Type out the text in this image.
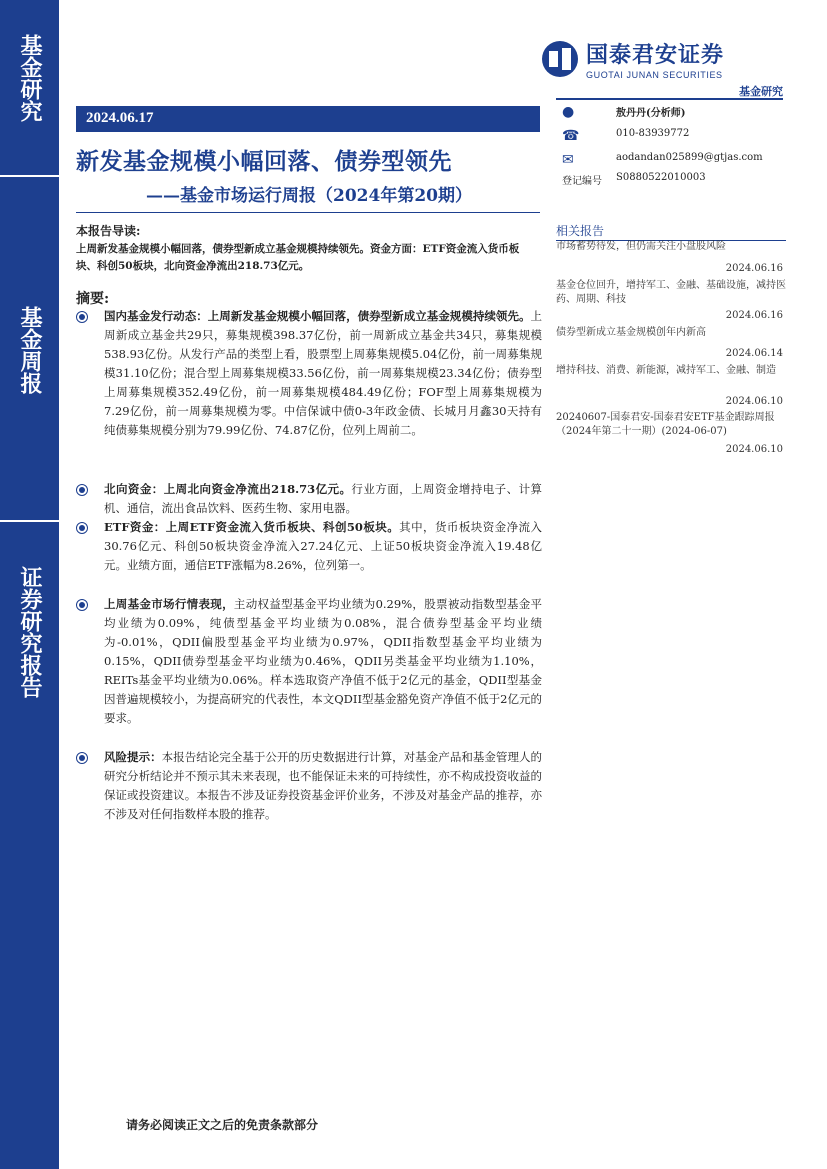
基金研究
基金周报
证券研究报告
国泰君安证券
GUOTAI JUNAN SECURITIES
基金研究
2024.06.17
新发基金规模小幅回落、债券型领先
——基金市场运行周报（2024年第20期）
●	敖丹丹(分析师)
☎	010-83939772
✉	aodandan025899@gtjas.com
登记编号 S0880522010003
相关报告
市场蓄势待发，但仍需关注小盘股风险
2024.06.16
基金仓位回升，增持军工、金融、基础设施，减持医药、周期、科技
2024.06.16
债券型新成立基金规模创年内新高
2024.06.14
增持科技、消费、新能源，减持军工、金融、制造
2024.06.10
20240607-国泰君安-国泰君安ETF基金跟踪周报（2024年第二十一期）(2024-06-07)
2024.06.10
本报告导读:
上周新发基金规模小幅回落，债券型新成立基金规模持续领先。资金方面：ETF资金流入货币板块、科创50板块，北向资金净流出218.73亿元。
摘要:
国内基金发行动态：上周新发基金规模小幅回落，债券型新成立基金规模持续领先。上周新成立基金共29只，募集规模398.37亿份，前一周新成立基金共34只，募集规模538.93亿份。从发行产品的类型上看，股票型上周募集规模5.04亿份，前一周募集规模31.10亿份；混合型上周募集规模33.56亿份，前一周募集规模23.34亿份；债券型上周募集规模352.49亿份，前一周募集规模484.49亿份；FOF型上周募集规模为7.29亿份，前一周募集规模为零。中信保诚中债0-3年政金债、长城月月鑫30天持有纯债募集规模分别为79.99亿份、74.87亿份，位列上周前二。
北向资金：上周北向资金净流出218.73亿元。行业方面，上周资金增持电子、计算机、通信，流出食品饮料、医药生物、家用电器。
ETF资金：上周ETF资金流入货币板块、科创50板块。其中，货币板块资金净流入30.76亿元、科创50板块资金净流入27.24亿元、上证50板块资金净流入19.48亿元。业绩方面，通信ETF涨幅为8.26%，位列第一。
上周基金市场行情表现，主动权益型基金平均业绩为0.29%，股票被动指数型基金平均业绩为0.09%，纯债型基金平均业绩为0.08%，混合债券型基金平均业绩为-0.01%，QDII偏股型基金平均业绩为0.97%，QDII指数型基金平均业绩为0.15%，QDII债券型基金平均业绩为0.46%，QDII另类基金平均业绩为1.10%，REITs基金平均业绩为0.06%。样本选取资产净值不低于2亿元的基金，QDII型基金因普遍规模较小，为提高研究的代表性，本文QDII型基金豁免资产净值不低于2亿元的要求。
风险提示：本报告结论完全基于公开的历史数据进行计算，对基金产品和基金管理人的研究分析结论并不预示其未来表现，也不能保证未来的可持续性，亦不构成投资收益的保证或投资建议。本报告不涉及证券投资基金评价业务，不涉及对基金产品的推荐，亦不涉及对任何指数样本股的推荐。
请务必阅读正文之后的免责条款部分
